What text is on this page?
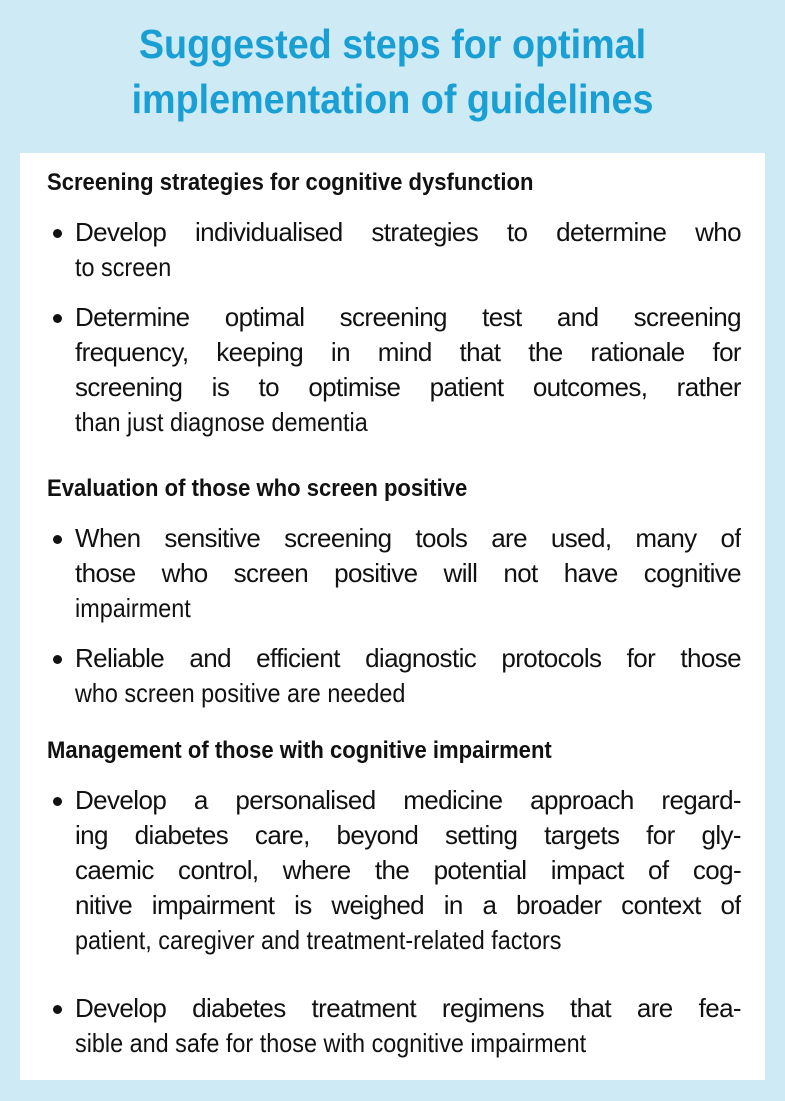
Suggested steps for optimal
implementation of guidelines
Screening strategies for cognitive dysfunction
Develop individualised strategies to determine who
to screen
Determine optimal screening test and screening
frequency, keeping in mind that the rationale for
screening is to optimise patient outcomes, rather
than just diagnose dementia
Evaluation of those who screen positive
When sensitive screening tools are used, many of
those who screen positive will not have cognitive
impairment
Reliable and efficient diagnostic protocols for those
who screen positive are needed
Management of those with cognitive impairment
Develop a personalised medicine approach regard-
ing diabetes care, beyond setting targets for gly-
caemic control, where the potential impact of cog-
nitive impairment is weighed in a broader context of
patient, caregiver and treatment-related factors
Develop diabetes treatment regimens that are fea-
sible and safe for those with cognitive impairment
